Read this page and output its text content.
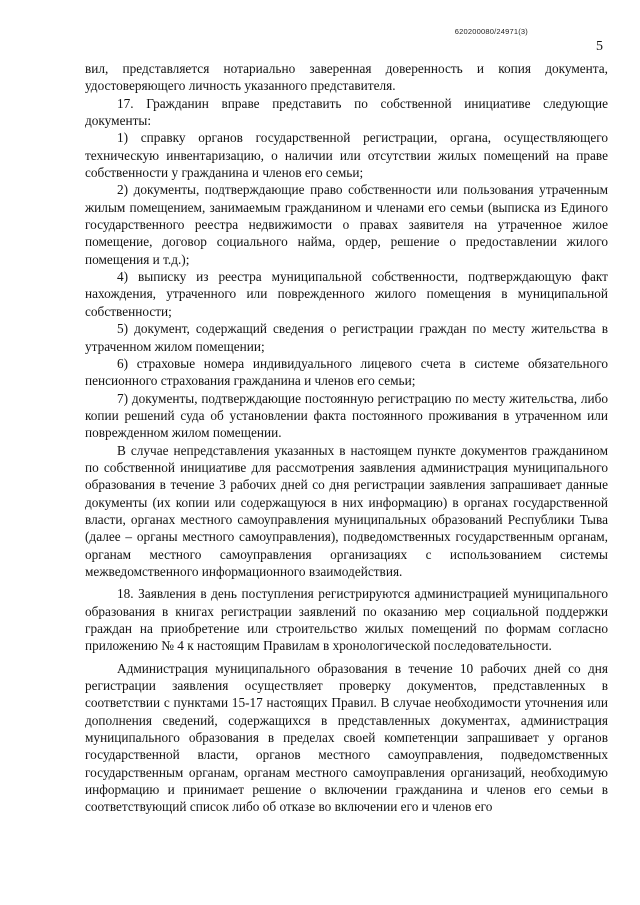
620200080/24971(3)
5

вил, представляется нотариально заверенная доверенность и копия документа, удостоверяющего личность указанного представителя.

17. Гражданин вправе представить по собственной инициативе следующие документы:

1) справку органов государственной регистрации, органа, осуществляющего техническую инвентаризацию, о наличии или отсутствии жилых помещений на праве собственности у гражданина и членов его семьи;

2) документы, подтверждающие право собственности или пользования утраченным жилым помещением, занимаемым гражданином и членами его семьи (выписка из Единого государственного реестра недвижимости о правах заявителя на утраченное жилое помещение, договор социального найма, ордер, решение о предоставлении жилого помещения и т.д.);

4) выписку из реестра муниципальной собственности, подтверждающую факт нахождения, утраченного или поврежденного жилого помещения в муниципальной собственности;

5) документ, содержащий сведения о регистрации граждан по месту жительства в утраченном жилом помещении;

6) страховые номера индивидуального лицевого счета в системе обязательного пенсионного страхования гражданина и членов его семьи;

7) документы, подтверждающие постоянную регистрацию по месту жительства, либо копии решений суда об установлении факта постоянного проживания в утраченном или поврежденном жилом помещении.

В случае непредставления указанных в настоящем пункте документов гражданином по собственной инициативе для рассмотрения заявления администрация муниципального образования в течение 3 рабочих дней со дня регистрации заявления запрашивает данные документы (их копии или содержащуюся в них информацию) в органах государственной власти, органах местного самоуправления муниципальных образований Республики Тыва (далее – органы местного самоуправления), подведомственных государственным органам, органам местного самоуправления организациях с использованием системы межведомственного информационного взаимодействия.

18. Заявления в день поступления регистрируются администрацией муниципального образования в книгах регистрации заявлений по оказанию мер социальной поддержки граждан на приобретение или строительство жилых помещений по формам согласно приложению № 4 к настоящим Правилам в хронологической последовательности.

Администрация муниципального образования в течение 10 рабочих дней со дня регистрации заявления осуществляет проверку документов, представленных в соответствии с пунктами 15-17 настоящих Правил. В случае необходимости уточнения или дополнения сведений, содержащихся в представленных документах, администрация муниципального образования в пределах своей компетенции запрашивает у органов государственной власти, органов местного самоуправления, подведомственных государственным органам, органам местного самоуправления организаций, необходимую информацию и принимает решение о включении гражданина и членов его семьи в соответствующий список либо об отказе во включении его и членов его
